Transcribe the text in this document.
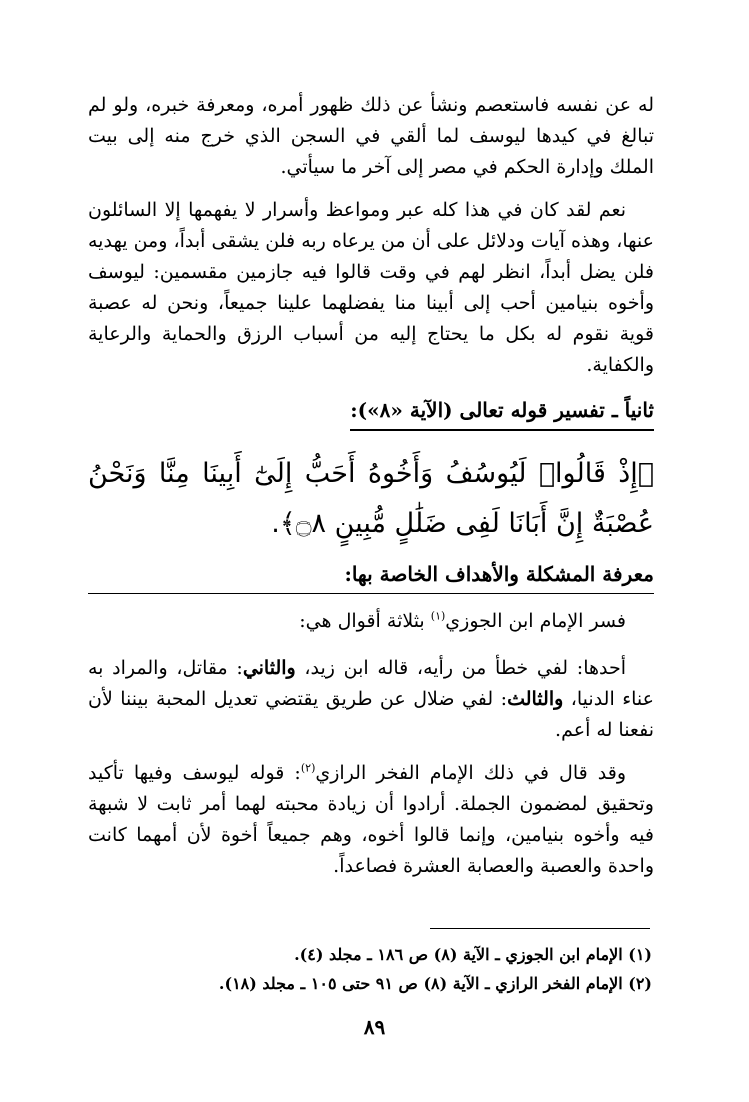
له عن نفسه فاستعصم ونشأ عن ذلك ظهور أمره، ومعرفة خبره، ولو لم تبالغ في كيدها ليوسف لما ألقي في السجن الذي خرج منه إلى بيت الملك وإدارة الحكم في مصر إلى آخر ما سيأتي.

نعم لقد كان في هذا كله عبر ومواعظ وأسرار لا يفهمها إلا السائلون عنها، وهذه آيات ودلائل على أن من يرعاه ربه فلن يشقى أبداً، ومن يهديه فلن يضل أبداً، انظر لهم في وقت قالوا فيه جازمين مقسمين: ليوسف وأخوه بنيامين أحب إلى أبينا منا يفضلهما علينا جميعاً، ونحن له عصبة قوية نقوم له بكل ما يحتاج إليه من أسباب الرزق والحماية والرعاية والكفاية.

ثانياً ـ تفسير قوله تعالى (الآية «٨»):
﴿إِذْ قَالُوا۟ لَيُوسُفُ وَأَخُوهُ أَحَبُّ إِلَىٰٓ أَبِينَا مِنَّا وَنَحْنُ عُصْبَةٌ إِنَّ أَبَانَا لَفِى ضَلَٰلٍ مُّبِينٍ ۝٨﴾.
معرفة المشكلة والأهداف الخاصة بها:

فسر الإمام ابن الجوزي$^{(١)}$ بثلاثة أقوال هي:

أحدها: لفي خطأ من رأيه، قاله ابن زيد، والثاني: مقاتل، والمراد به عناء الدنيا، والثالث: لفي ضلال عن طريق يقتضي تعديل المحبة بيننا لأن نفعنا له أعم.

وقد قال في ذلك الإمام الفخر الرازي$^{(٢)}$: قوله ليوسف وفيها تأكيد وتحقيق لمضمون الجملة. أرادوا أن زيادة محبته لهما أمر ثابت لا شبهة فيه وأخوه بنيامين، وإنما قالوا أخوه، وهم جميعاً أخوة لأن أمهما كانت واحدة والعصبة والعصابة العشرة فصاعداً.

(١) الإمام ابن الجوزي ـ الآية (٨) ص ١٨٦ ـ مجلد (٤).
(٢) الإمام الفخر الرازي ـ الآية (٨) ص ٩١ حتى ١٠٥ ـ مجلد (١٨).
٨٩
